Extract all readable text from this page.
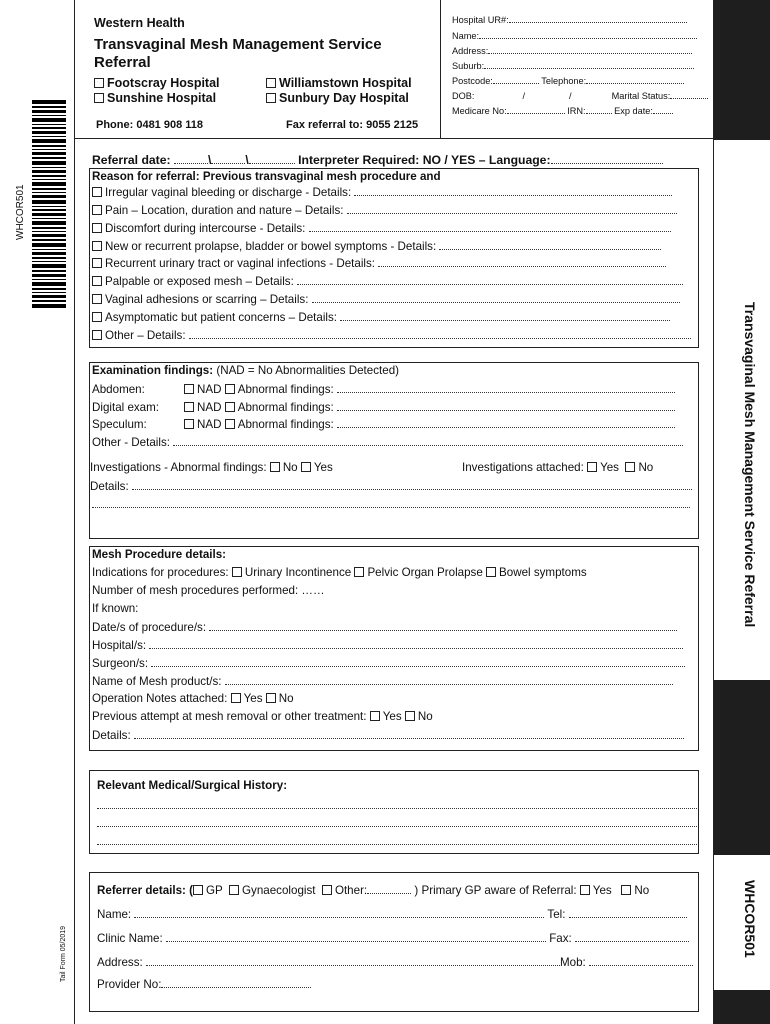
Transvaginal Mesh Management Service Referral
WHCOR501
WHCOR501
Tail Form 05/2019
Western Health
Transvaginal Mesh Management Service
Referral
Footscray Hospital	Williamstown Hospital
Sunshine Hospital	Sunbury Day Hospital
Phone: 0481 908 118	Fax referral to: 9055 2125
Hospital UR#:
Name:
Address:
Suburb:
Postcode:	Telephone:
DOB:	/	/	Marital Status:
Medicare No:	IRN:	Exp date:
Referral date:	\	\	Interpreter Required: NO / YES – Language:
Reason for referral: Previous transvaginal mesh procedure and
Irregular vaginal bleeding or discharge - Details:
Pain – Location, duration and nature – Details:
Discomfort during intercourse - Details:
New or recurrent prolapse, bladder or bowel symptoms - Details:
Recurrent urinary tract or vaginal infections - Details:
Palpable or exposed mesh – Details:
Vaginal adhesions or scarring – Details:
Asymptomatic but patient concerns – Details:
Other – Details:
Examination findings: (NAD = No Abnormalities Detected)
Abdomen:	NAD Abnormal findings:
Digital exam:	NAD Abnormal findings:
Speculum:	NAD Abnormal findings:
Other - Details:
Investigations - Abnormal findings: No Yes	Investigations attached: Yes No
Details:
Mesh Procedure details:
Indications for procedures: Urinary Incontinence Pelvic Organ Prolapse Bowel symptoms
Number of mesh procedures performed: ……
If known:
Date/s of procedure/s:
Hospital/s:
Surgeon/s:
Name of Mesh product/s:
Operation Notes attached: Yes No
Previous attempt at mesh removal or other treatment: Yes No
Details:
Relevant Medical/Surgical History:
Referrer details: ( GP Gynaecologist Other:	) Primary GP aware of Referral: Yes No
Name:	Tel:
Clinic Name:	Fax:
Address:	Mob:
Provider No:
